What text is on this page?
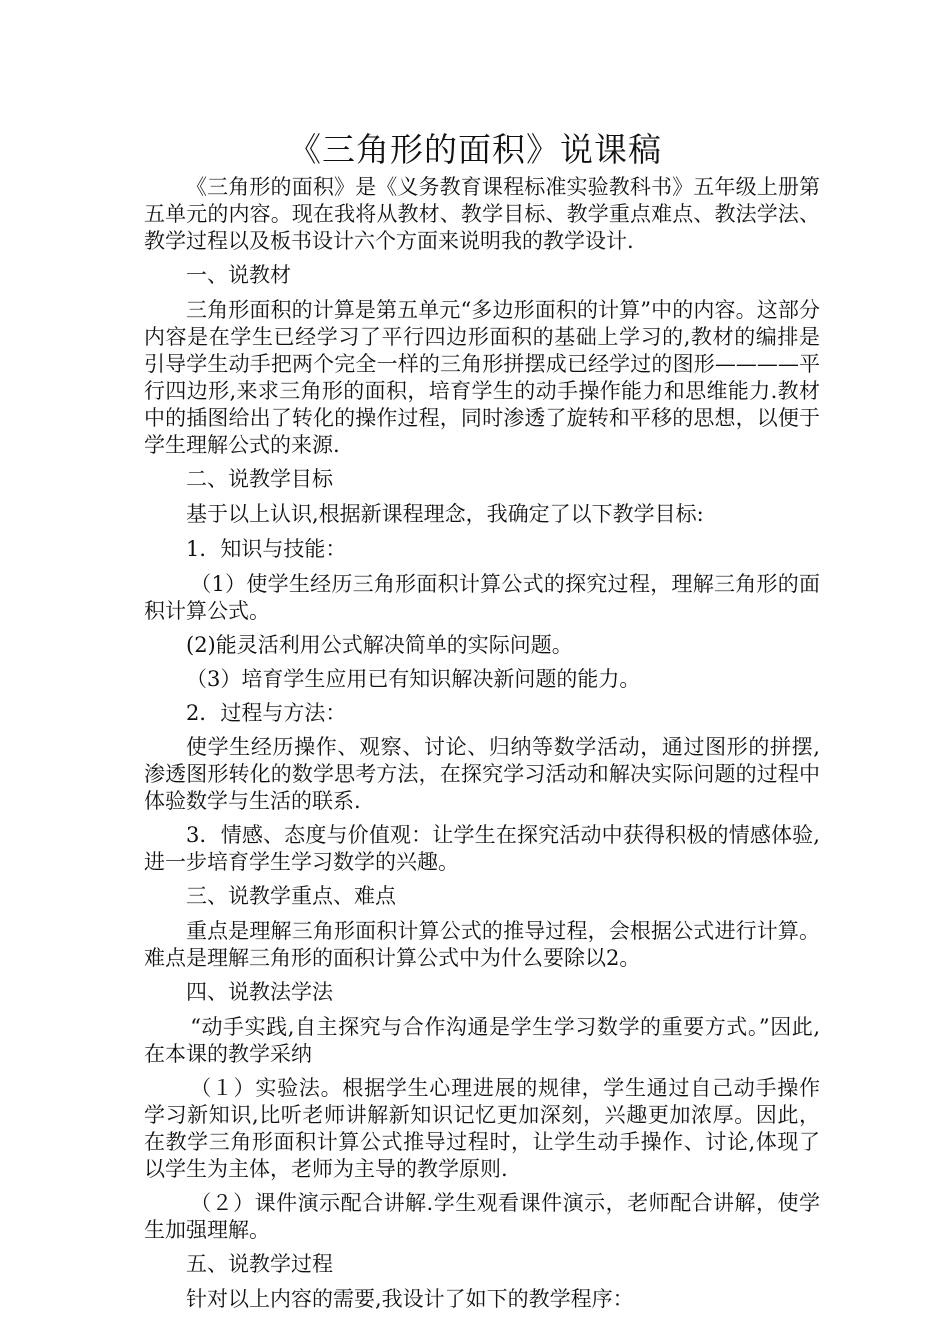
《三角形的面积》说课稿

《三角形的面积》是《义务教育课程标准实验教科书》五年级上册第五单元的内容。现在我将从教材、教学目标、教学重点难点、教法学法、教学过程以及板书设计六个方面来说明我的教学设计.

一、说教材

三角形面积的计算是第五单元“多边形面积的计算”中的内容。这部分内容是在学生已经学习了平行四边形面积的基础上学习的,教材的编排是引导学生动手把两个完全一样的三角形拼摆成已经学过的图形————平行四边形,来求三角形的面积，培育学生的动手操作能力和思维能力.教材中的插图给出了转化的操作过程，同时渗透了旋转和平移的思想，以便于学生理解公式的来源.

二、说教学目标

基于以上认识,根据新课程理念，我确定了以下教学目标:

1．知识与技能：

（1）使学生经历三角形面积计算公式的探究过程，理解三角形的面积计算公式。

(2)能灵活利用公式解决简单的实际问题。

（3）培育学生应用已有知识解决新问题的能力。

2．过程与方法：

使学生经历操作、观察、讨论、归纳等数学活动，通过图形的拼摆,渗透图形转化的数学思考方法，在探究学习活动和解决实际问题的过程中体验数学与生活的联系.

3．情感、态度与价值观：让学生在探究活动中获得积极的情感体验,进一步培育学生学习数学的兴趣。

三、说教学重点、难点

重点是理解三角形面积计算公式的推导过程，会根据公式进行计算。难点是理解三角形的面积计算公式中为什么要除以2。

四、说教法学法

“动手实践,自主探究与合作沟通是学生学习数学的重要方式。”因此,在本课的教学采纳

（１）实验法。根据学生心理进展的规律，学生通过自己动手操作学习新知识,比听老师讲解新知识记忆更加深刻，兴趣更加浓厚。因此，在教学三角形面积计算公式推导过程时，让学生动手操作、讨论,体现了以学生为主体，老师为主导的教学原则.

（２）课件演示配合讲解.学生观看课件演示，老师配合讲解，使学生加强理解。

五、说教学过程

针对以上内容的需要,我设计了如下的教学程序：
